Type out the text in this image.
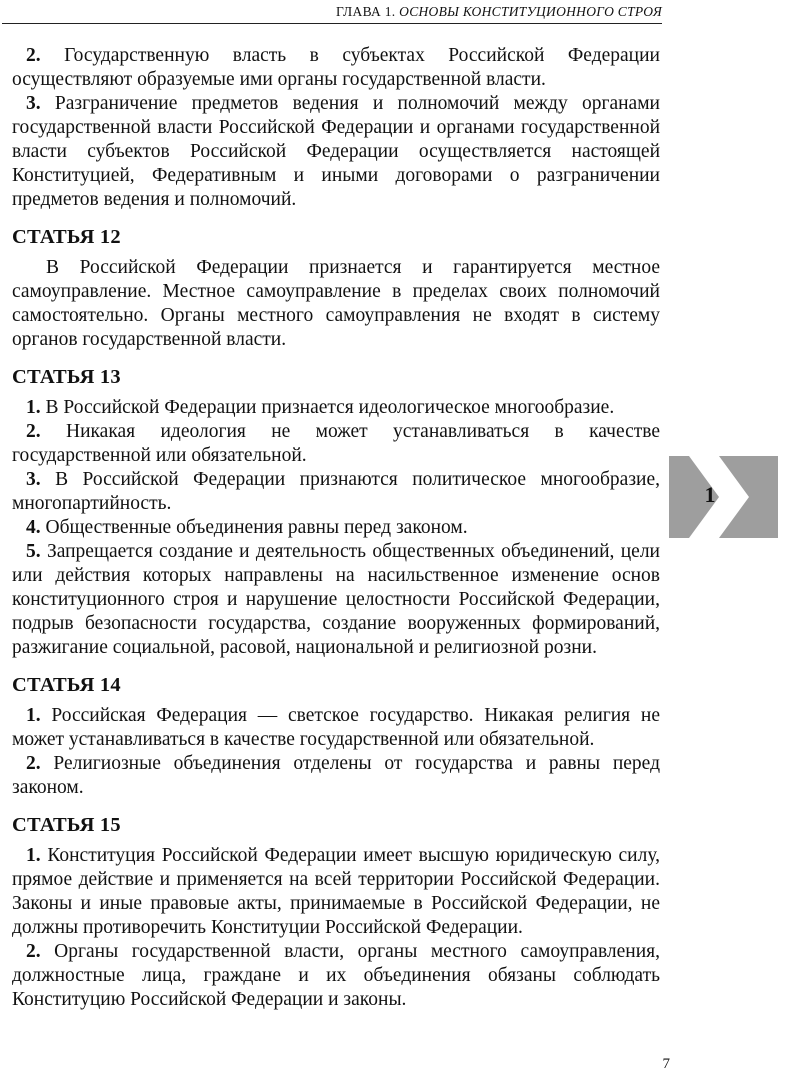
ГЛАВА 1. ОСНОВЫ КОНСТИТУЦИОННОГО СТРОЯ

2. Государственную власть в субъектах Российской Федерации осуществляют образуемые ими органы государственной власти.

3. Разграничение предметов ведения и полномочий между органами государственной власти Российской Федерации и органами государственной власти субъектов Российской Федерации осуществляется настоящей Конституцией, Федеративным и иными договорами о разграничении предметов ведения и полномочий.

СТАТЬЯ 12

В Российской Федерации признается и гарантируется местное самоуправление. Местное самоуправление в пределах своих полномочий самостоятельно. Органы местного самоуправления не входят в систему органов государственной власти.

СТАТЬЯ 13

1. В Российской Федерации признается идеологическое многообразие.

2. Никакая идеология не может устанавливаться в качестве государственной или обязательной.

3. В Российской Федерации признаются политическое многообразие, многопартийность.

4. Общественные объединения равны перед законом.

5. Запрещается создание и деятельность общественных объединений, цели или действия которых направлены на насильственное изменение основ конституционного строя и нарушение целостности Российской Федерации, подрыв безопасности государства, создание вооруженных формирований, разжигание социальной, расовой, национальной и религиозной розни.

СТАТЬЯ 14

1. Российская Федерация — светское государство. Никакая религия не может устанавливаться в качестве государственной или обязательной.

2. Религиозные объединения отделены от государства и равны перед законом.

СТАТЬЯ 15

1. Конституция Российской Федерации имеет высшую юридическую силу, прямое действие и применяется на всей территории Российской Федерации. Законы и иные правовые акты, принимаемые в Российской Федерации, не должны противоречить Конституции Российской Федерации.

2. Органы государственной власти, органы местного самоуправления, должностные лица, граждане и их объединения обязаны соблюдать Конституцию Российской Федерации и законы.

1
7
